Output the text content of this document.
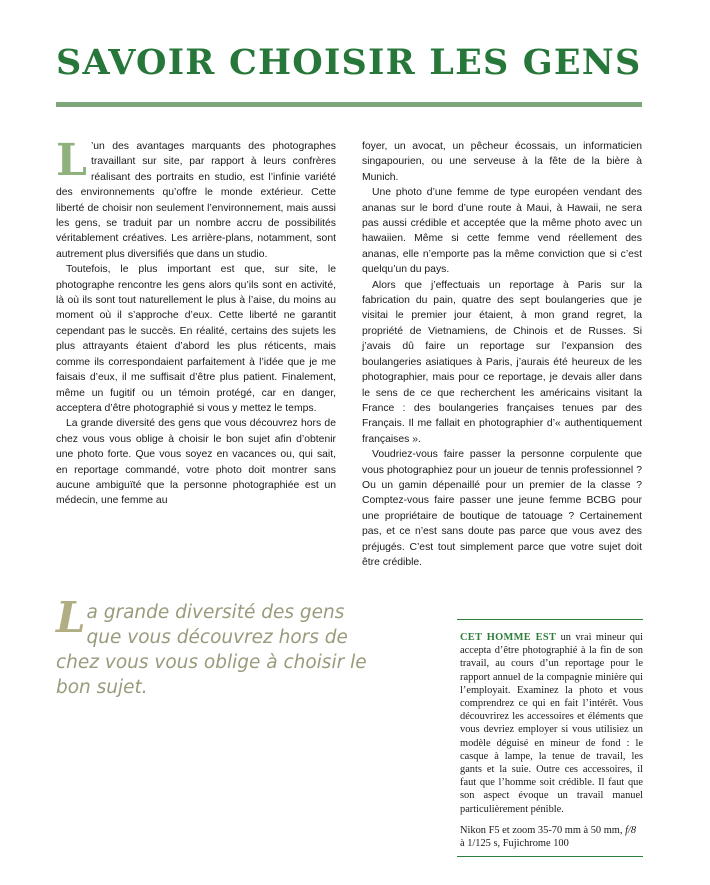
SAVOIR CHOISIR LES GENS

L ’un des avantages marquants des photographes travaillant sur site, par rapport à leurs confrères réalisant des portraits en studio, est l’infinie variété des environnements qu’offre le monde extérieur. Cette liberté de choisir non seulement l’environnement, mais aussi les gens, se traduit par un nombre accru de possibilités véritablement créatives. Les arrière-plans, notamment, sont autrement plus diversifiés que dans un studio.

Toutefois, le plus important est que, sur site, le photographe rencontre les gens alors qu’ils sont en activité, là où ils sont tout naturellement le plus à l’aise, du moins au moment où il s’approche d’eux. Cette liberté ne garantit cependant pas le succès. En réalité, certains des sujets les plus attrayants étaient d’abord les plus réticents, mais comme ils correspondaient parfaitement à l’idée que je me faisais d’eux, il me suffisait d’être plus patient. Finalement, même un fugitif ou un témoin protégé, car en danger, acceptera d’être photographié si vous y mettez le temps.

La grande diversité des gens que vous découvrez hors de chez vous vous oblige à choisir le bon sujet afin d’obtenir une photo forte. Que vous soyez en vacances ou, qui sait, en reportage commandé, votre photo doit montrer sans aucune ambiguïté que la personne photographiée est un médecin, une femme au

foyer, un avocat, un pêcheur écossais, un informaticien singapourien, ou une serveuse à la fête de la bière à Munich.

Une photo d’une femme de type européen vendant des ananas sur le bord d’une route à Maui, à Hawaii, ne sera pas aussi crédible et acceptée que la même photo avec un hawaiien. Même si cette femme vend réellement des ananas, elle n’emporte pas la même conviction que si c’est quelqu’un du pays.

Alors que j’effectuais un reportage à Paris sur la fabrication du pain, quatre des sept boulangeries que je visitai le premier jour étaient, à mon grand regret, la propriété de Vietnamiens, de Chinois et de Russes. Si j’avais dû faire un reportage sur l’expansion des boulangeries asiatiques à Paris, j’aurais été heureux de les photographier, mais pour ce reportage, je devais aller dans le sens de ce que recherchent les américains visitant la France : des boulangeries françaises tenues par des Français. Il me fallait en photographier d’« authentiquement françaises ».

Voudriez-vous faire passer la personne corpulente que vous photographiez pour un joueur de tennis professionnel ? Ou un gamin dépenaillé pour un premier de la classe ? Comptez-vous faire passer une jeune femme BCBG pour une propriétaire de boutique de tatouage ? Certainement pas, et ce n’est sans doute pas parce que vous avez des préjugés. C’est tout simplement parce que votre sujet doit être crédible.

La grande diversité des gens que vous découvrez hors de chez vous vous oblige à choisir le bon sujet.

CET HOMME EST un vrai mineur qui accepta d’être photographié à la fin de son travail, au cours d’un reportage pour le rapport annuel de la compagnie minière qui l’employait. Examinez la photo et vous comprendrez ce qui en fait l’intérêt. Vous découvrirez les accessoires et éléments que vous devriez employer si vous utilisiez un modèle déguisé en mineur de fond : le casque à lampe, la tenue de travail, les gants et la suie. Outre ces accessoires, il faut que l’homme soit crédible. Il faut que son aspect évoque un travail manuel particulièrement pénible.

Nikon F5 et zoom 35-70 mm à 50 mm, f/8 à 1/125 s, Fujichrome 100
